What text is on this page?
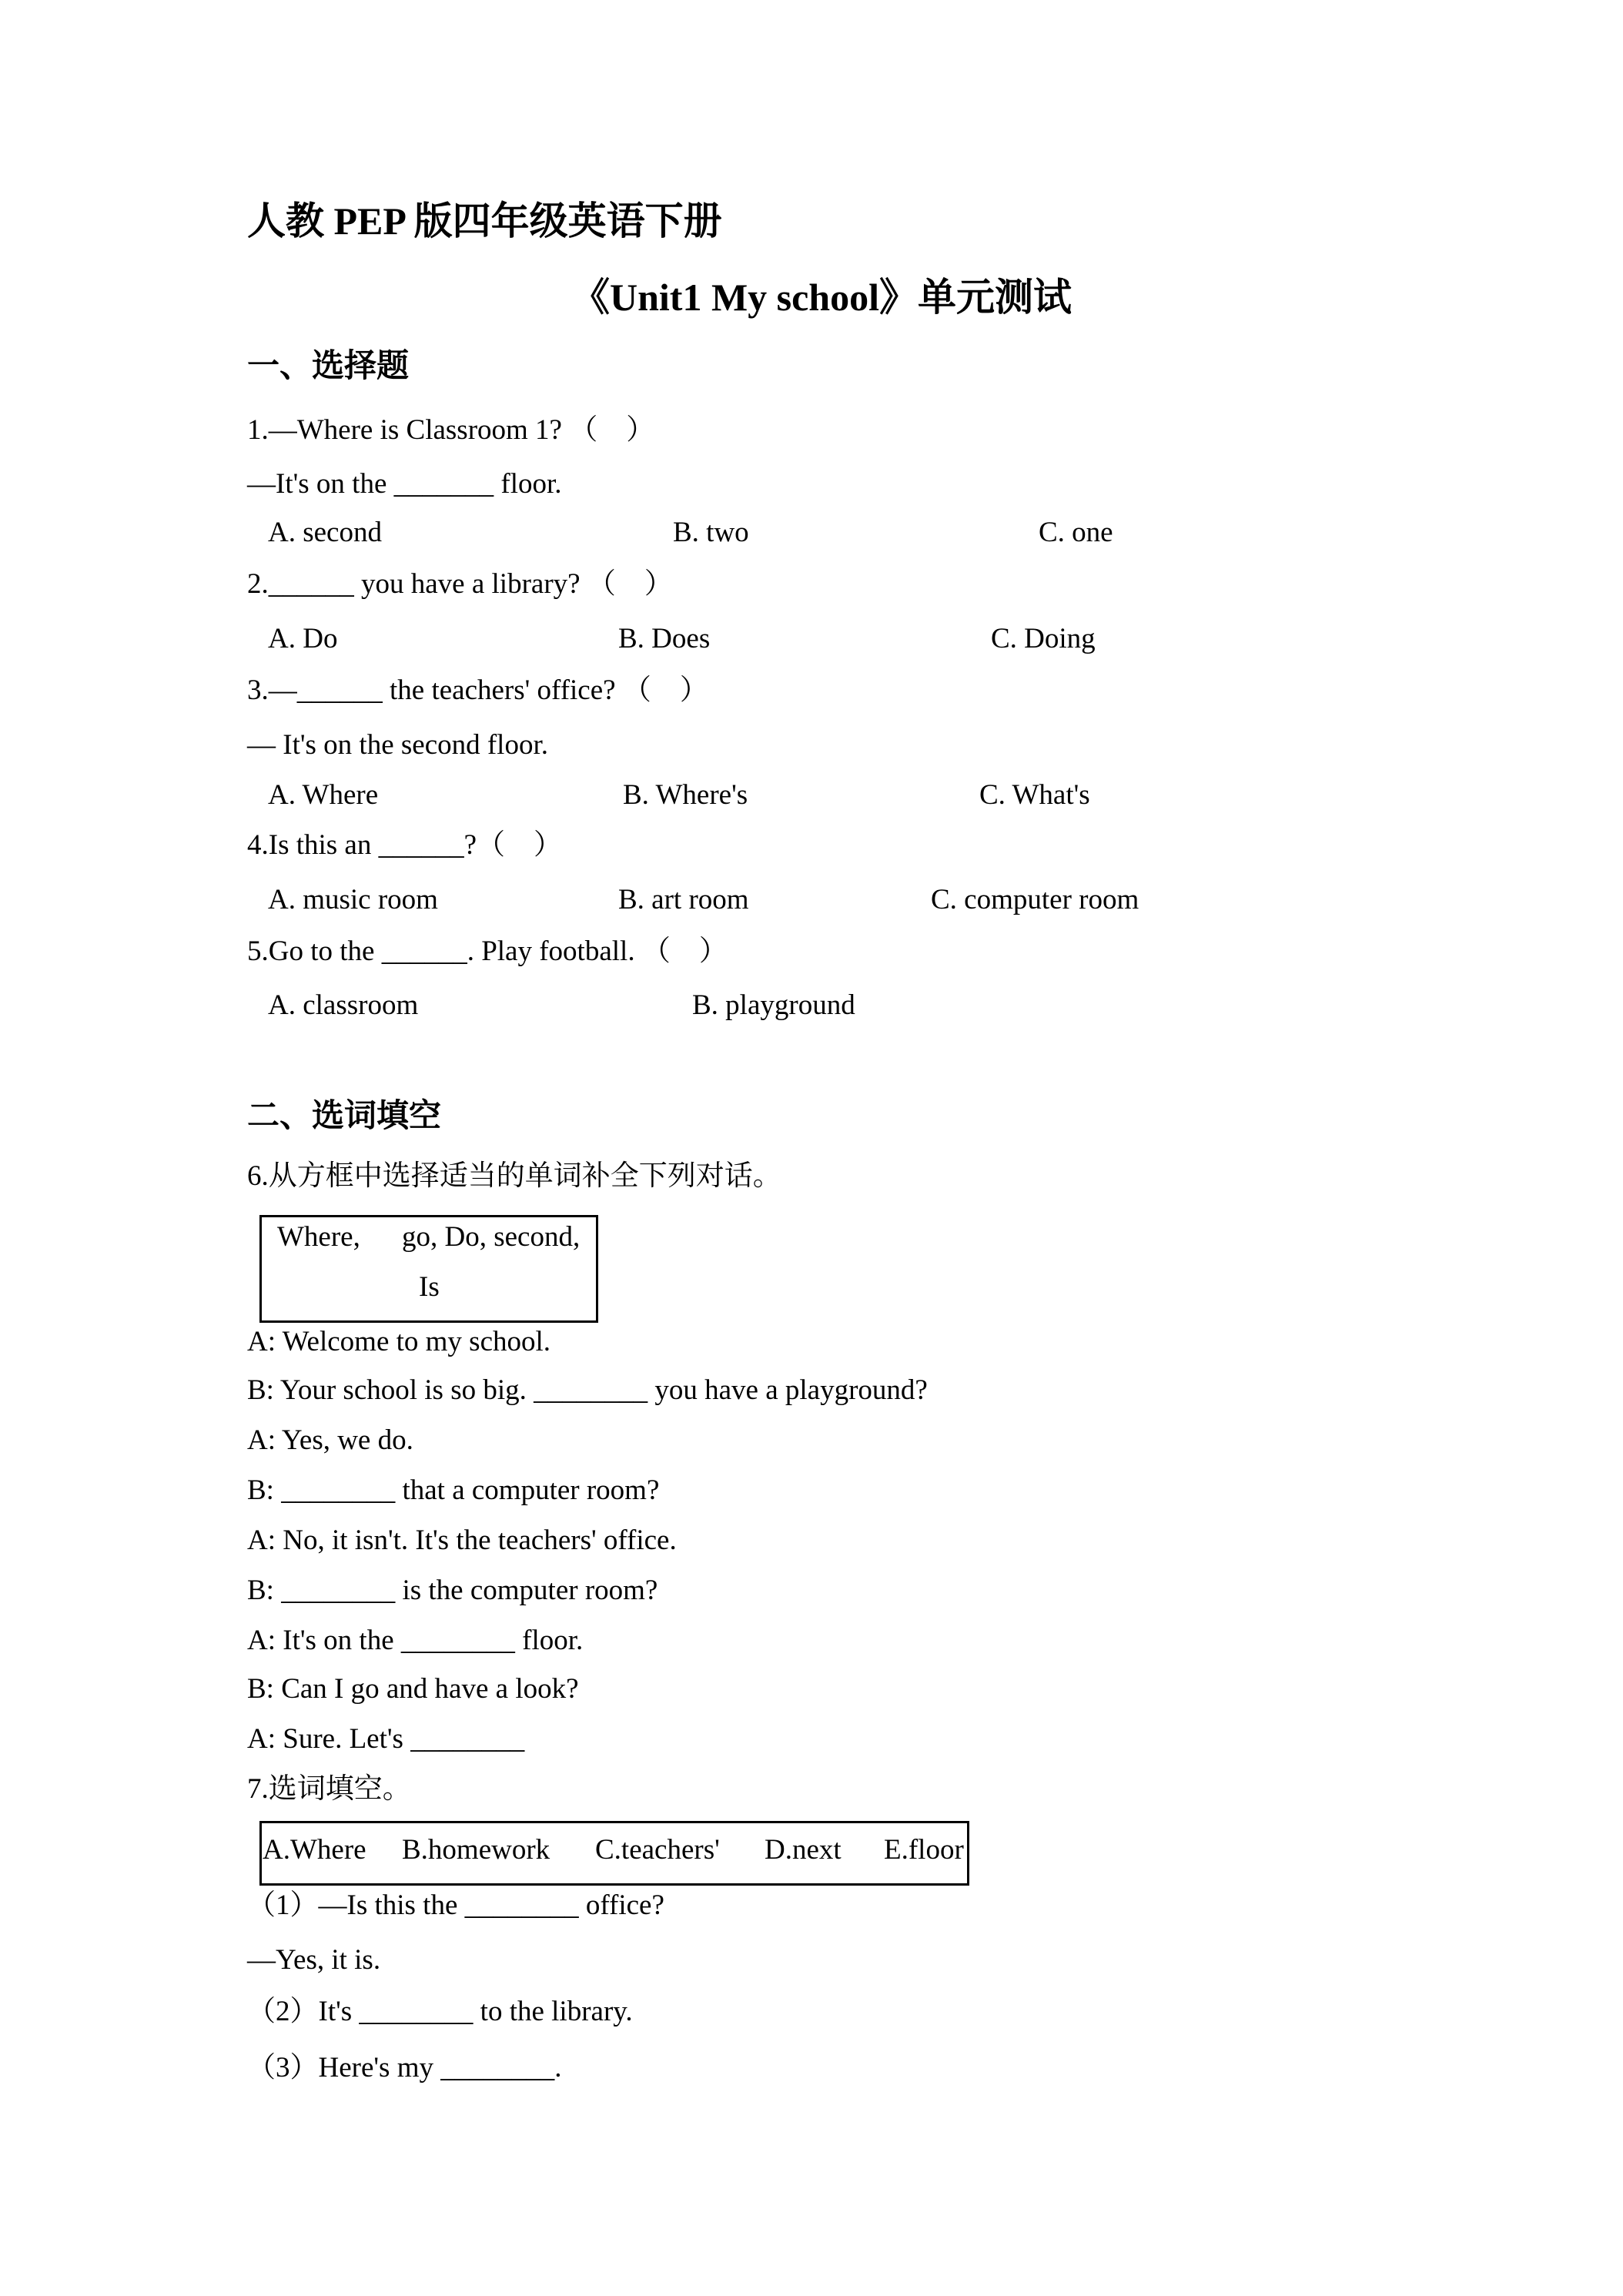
人教 PEP 版四年级英语下册
《Unit1 My school》单元测试
一、选择题
1.—Where is Classroom 1? （    ）
—It's on the _______ floor.
A. second	B. two	C. one
2.______ you have a library? （    ）
A. Do	B. Does	C. Doing
3.—______ the teachers' office? （    ）
— It's on the second floor.
A. Where	B. Where's	C. What's
4.Is this an ______?（    ）
A. music room	B. art room	C. computer room
5.Go to the ______. Play football. （    ）
A. classroom	B. playground
二、选词填空
6.从方框中选择适当的单词补全下列对话。
Where, go, Do, second,
Is
A: Welcome to my school.
B: Your school is so big. ________ you have a playground?
A: Yes, we do.
B: ________ that a computer room?
A: No, it isn't. It's the teachers' office.
B: ________ is the computer room?
A: It's on the ________ floor.
B: Can I go and have a look?
A: Sure. Let's ________
7.选词填空。
A.Where B.homework C.teachers' D.next E.floor
（1）—Is this the ________ office?
—Yes, it is.
（2）It's ________ to the library.
（3）Here's my ________.
